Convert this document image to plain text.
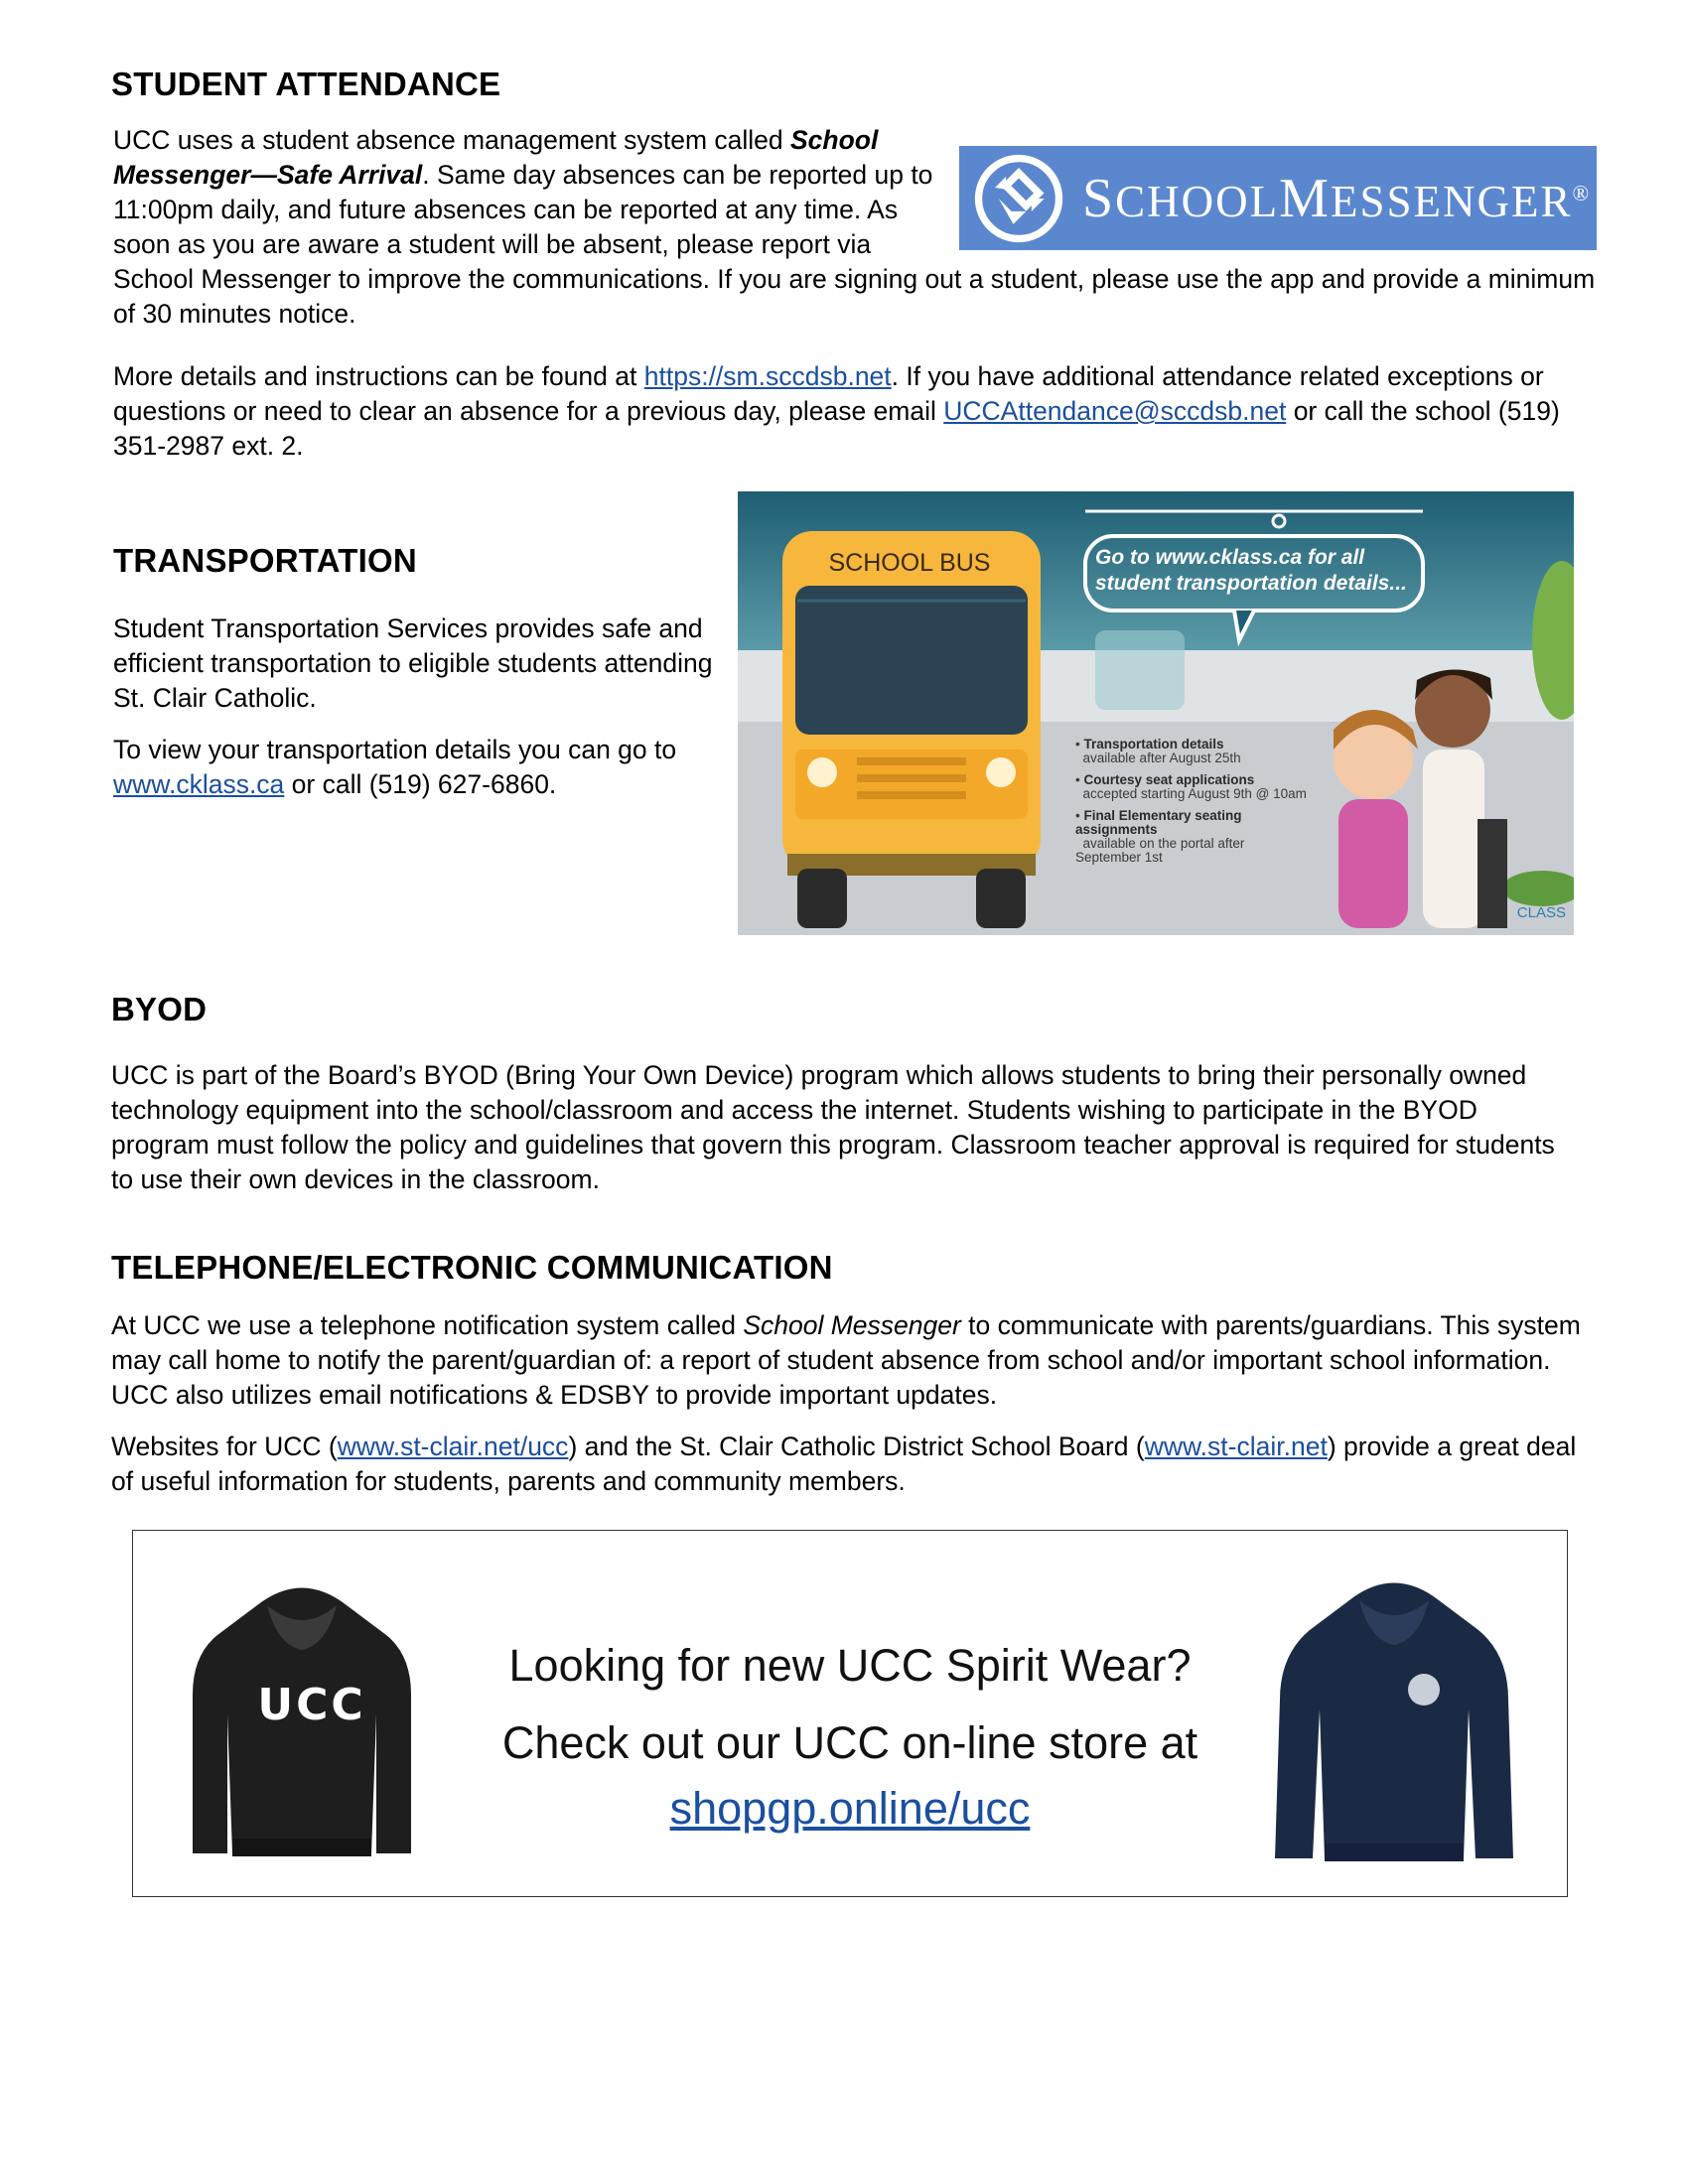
STUDENT ATTENDANCE

UCC uses a student absence management system called School Messenger—Safe Arrival. Same day absences can be reported up to 11:00pm daily, and future absences can be reported at any time. As soon as you are aware a student will be absent, please report via School Messenger to improve the communications. If you are signing out a student, please use the app and provide a minimum of 30 minutes notice.

SCHOOLMESSENGER®

More details and instructions can be found at https://sm.sccdsb.net. If you have additional attendance related exceptions or questions or need to clear an absence for a previous day, please email UCCAttendance@sccdsb.net or call the school (519) 351-2987 ext. 2.

TRANSPORTATION

Student Transportation Services provides safe and efficient transportation to eligible students attending St. Clair Catholic.

To view your transportation details you can go to www.cklass.ca or call (519) 627-6860.

SCHOOL BUS	Go to www.cklass.ca for all
student transportation details...
• Transportation details
available after August 25th
• Courtesy seat applications
accepted starting August 9th @ 10am
• Final Elementary seating assignments
available on the portal after September 1st
CLASS
BYOD

UCC is part of the Board’s BYOD (Bring Your Own Device) program which allows students to bring their personally owned technology equipment into the school/classroom and access the internet. Students wishing to participate in the BYOD program must follow the policy and guidelines that govern this program. Classroom teacher approval is required for students to use their own devices in the classroom.

TELEPHONE/ELECTRONIC COMMUNICATION

At UCC we use a telephone notification system called School Messenger to communicate with parents/guardians. This system may call home to notify the parent/guardian of: a report of student absence from school and/or important school information. UCC also utilizes email notifications & EDSBY to provide important updates.

Websites for UCC (www.st-clair.net/ucc) and the St. Clair Catholic District School Board (www.st-clair.net) provide a great deal of useful information for students, parents and community members.

UCC
Looking for new UCC Spirit Wear?
Check out our UCC on-line store at
shopgp.online/ucc
